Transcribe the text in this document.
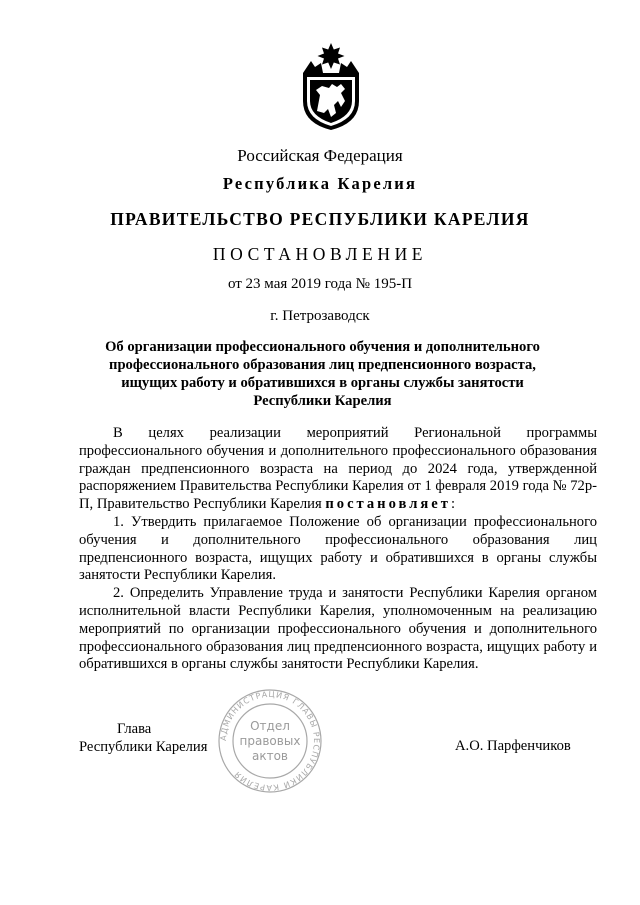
Российская Федерация
Республика Карелия
ПРАВИТЕЛЬСТВО РЕСПУБЛИКИ КАРЕЛИЯ
ПОСТАНОВЛЕНИЕ
от 23 мая 2019 года № 195-П
г. Петрозаводск
Об организации профессионального обучения и дополнительного профессионального образования лиц предпенсионного возраста, ищущих работу и обратившихся в органы службы занятости Республики Карелия

В целях реализации мероприятий Региональной программы профессионального обучения и дополнительного профессионального образования граждан предпенсионного возраста на период до 2024 года, утвержденной распоряжением Правительства Республики Карелия от 1 февраля 2019 года № 72р-П, Правительство Республики Карелия постановляет:

1. Утвердить прилагаемое Положение об организации профессионального обучения и дополнительного профессионального образования лиц предпенсионного возраста, ищущих работу и обратившихся в органы службы занятости Республики Карелия.

2. Определить Управление труда и занятости Республики Карелия органом исполнительной власти Республики Карелия, уполномоченным на реализацию мероприятий по организации профессионального обучения и дополнительного профессионального образования лиц предпенсионного возраста, ищущих работу и обратившихся в органы службы занятости Республики Карелия.

Глава
Республики Карелия
АДМИНИСТРАЦИЯ ГЛАВЫ РЕСПУБЛИКИ КАРЕЛИЯ
Отдел
правовых
актов
А.О. Парфенчиков
